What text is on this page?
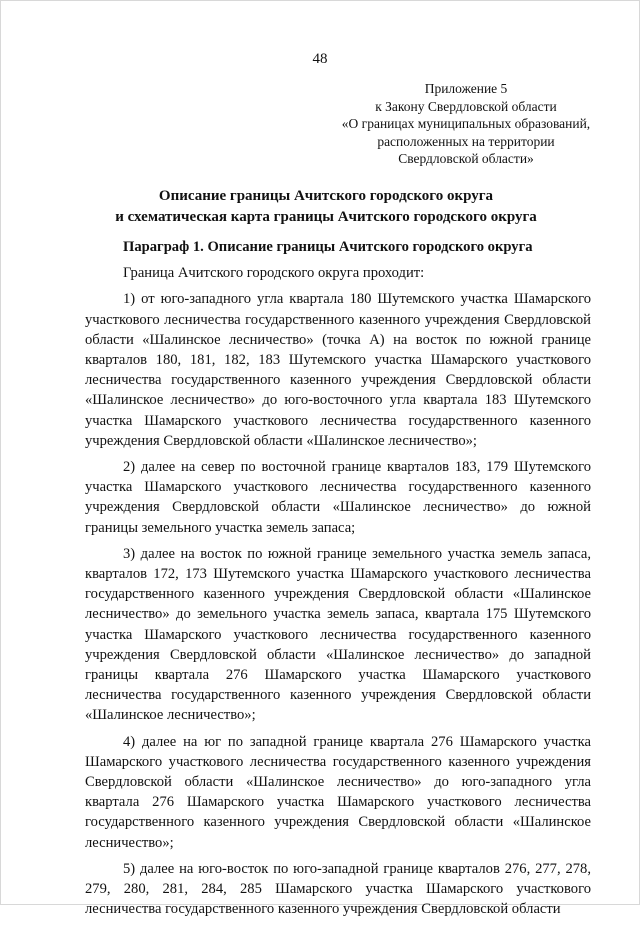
48
Приложение 5
к Закону Свердловской области
«О границах муниципальных образований,
расположенных на территории
Свердловской области»
Описание границы Ачитского городского округа
и схематическая карта границы Ачитского городского округа

Параграф 1. Описание границы Ачитского городского округа

Граница Ачитского городского округа проходит:

1) от юго-западного угла квартала 180 Шутемского участка Шамарского участкового лесничества государственного казенного учреждения Свердловской области «Шалинское лесничество» (точка А) на восток по южной границе кварталов 180, 181, 182, 183 Шутемского участка Шамарского участкового лесничества государственного казенного учреждения Свердловской области «Шалинское лесничество» до юго-восточного угла квартала 183 Шутемского участка Шамарского участкового лесничества государственного казенного учреждения Свердловской области «Шалинское лесничество»;

2) далее на север по восточной границе кварталов 183, 179 Шутемского участка Шамарского участкового лесничества государственного казенного учреждения Свердловской области «Шалинское лесничество» до южной границы земельного участка земель запаса;

3) далее на восток по южной границе земельного участка земель запаса, кварталов 172, 173 Шутемского участка Шамарского участкового лесничества государственного казенного учреждения Свердловской области «Шалинское лесничество» до земельного участка земель запаса, квартала 175 Шутемского участка Шамарского участкового лесничества государственного казенного учреждения Свердловской области «Шалинское лесничество» до западной границы квартала 276 Шамарского участка Шамарского участкового лесничества государственного казенного учреждения Свердловской области «Шалинское лесничество»;

4) далее на юг по западной границе квартала 276 Шамарского участка Шамарского участкового лесничества государственного казенного учреждения Свердловской области «Шалинское лесничество» до юго-западного угла квартала 276 Шамарского участка Шамарского участкового лесничества государственного казенного учреждения Свердловской области «Шалинское лесничество»;

5) далее на юго-восток по юго-западной границе кварталов 276, 277, 278, 279, 280, 281, 284, 285 Шамарского участка Шамарского участкового лесничества государственного казенного учреждения Свердловской области
